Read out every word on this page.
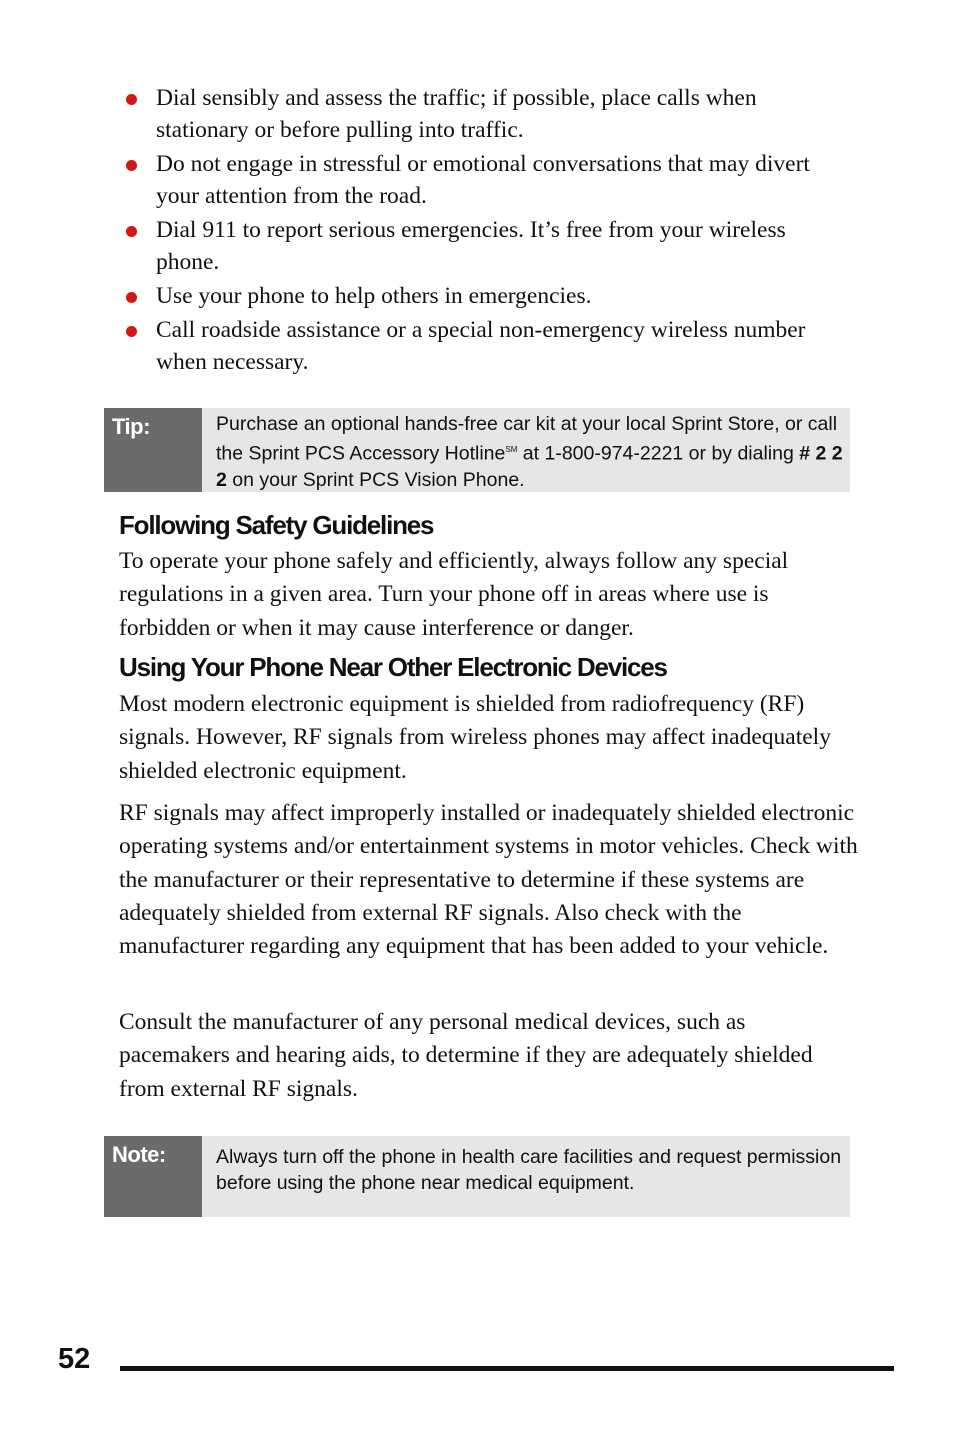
Dial sensibly and assess the traffic; if possible, place calls when stationary or before pulling into traffic.
Do not engage in stressful or emotional conversations that may divert your attention from the road.
Dial 911 to report serious emergencies. It’s free from your wireless phone.
Use your phone to help others in emergencies.
Call roadside assistance or a special non-emergency wireless number when necessary.
Tip:	Purchase an optional hands-free car kit at your local Sprint Store, or call the Sprint PCS Accessory Hotline℠ at 1-800-974-2221 or by dialing # 2 2 2 on your Sprint PCS Vision Phone.
Following Safety Guidelines

To operate your phone safely and efficiently, always follow any special regulations in a given area. Turn your phone off in areas where use is forbidden or when it may cause interference or danger.

Using Your Phone Near Other Electronic Devices

Most modern electronic equipment is shielded from radiofrequency (RF) signals. However, RF signals from wireless phones may affect inadequately shielded electronic equipment.

RF signals may affect improperly installed or inadequately shielded electronic operating systems and/or entertainment systems in motor vehicles. Check with the manufacturer or their representative to determine if these systems are adequately shielded from external RF signals. Also check with the manufacturer regarding any equipment that has been added to your vehicle.

Consult the manufacturer of any personal medical devices, such as pacemakers and hearing aids, to determine if they are adequately shielded from external RF signals.

Note:	Always turn off the phone in health care facilities and request permission before using the phone near medical equipment.
52
